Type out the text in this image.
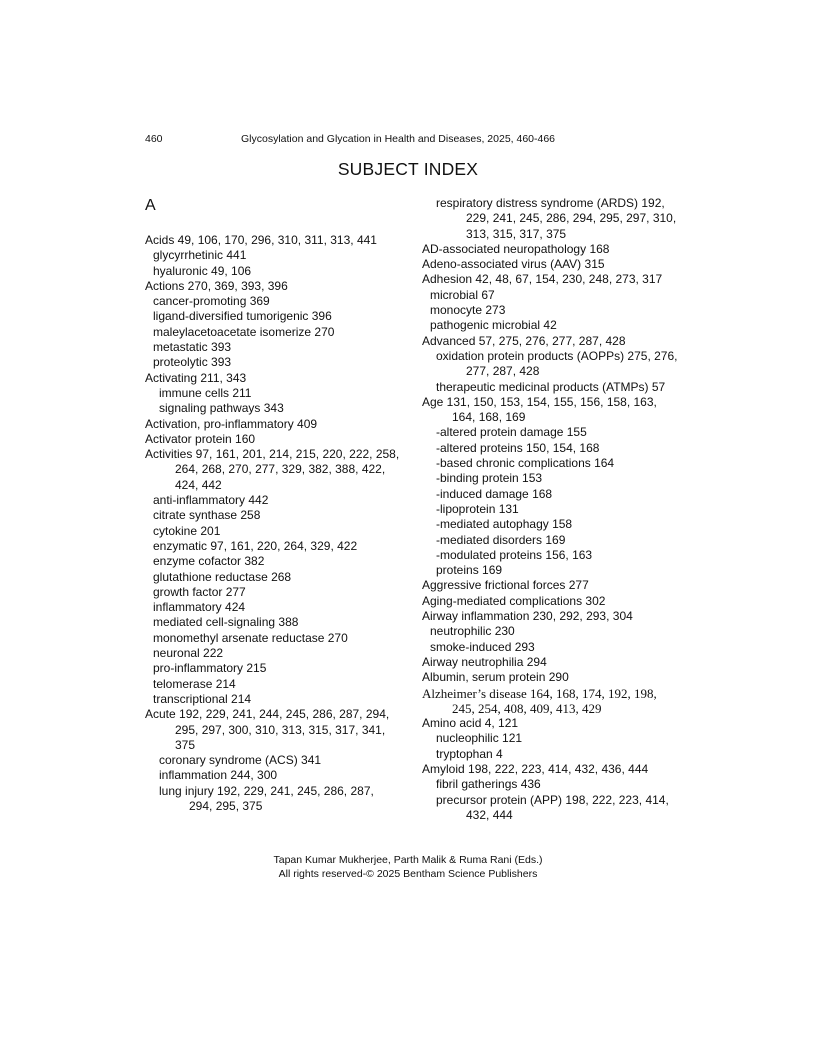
460	Glycosylation and Glycation in Health and Diseases, 2025, 460-466
SUBJECT INDEX
A
Acids 49, 106, 170, 296, 310, 311, 313, 441
glycyrrhetinic 441
hyaluronic 49, 106
Actions 270, 369, 393, 396
cancer-promoting 369
ligand-diversified tumorigenic 396
maleylacetoacetate isomerize 270
metastatic 393
proteolytic 393
Activating 211, 343
immune cells 211
signaling pathways 343
Activation, pro-inflammatory 409
Activator protein 160
Activities 97, 161, 201, 214, 215, 220, 222, 258, 264, 268, 270, 277, 329, 382, 388, 422, 424, 442
anti-inflammatory 442
citrate synthase 258
cytokine 201
enzymatic 97, 161, 220, 264, 329, 422
enzyme cofactor 382
glutathione reductase 268
growth factor 277
inflammatory 424
mediated cell-signaling 388
monomethyl arsenate reductase 270
neuronal 222
pro-inflammatory 215
telomerase 214
transcriptional 214
Acute 192, 229, 241, 244, 245, 286, 287, 294, 295, 297, 300, 310, 313, 315, 317, 341, 375
coronary syndrome (ACS) 341
inflammation 244, 300
lung injury 192, 229, 241, 245, 286, 287, 294, 295, 375
respiratory distress syndrome (ARDS) 192, 229, 241, 245, 286, 294, 295, 297, 310, 313, 315, 317, 375
AD-associated neuropathology 168
Adeno-associated virus (AAV) 315
Adhesion 42, 48, 67, 154, 230, 248, 273, 317
microbial 67
monocyte 273
pathogenic microbial 42
Advanced 57, 275, 276, 277, 287, 428
oxidation protein products (AOPPs) 275, 276, 277, 287, 428
therapeutic medicinal products (ATMPs) 57
Age 131, 150, 153, 154, 155, 156, 158, 163, 164, 168, 169
-altered protein damage 155
-altered proteins 150, 154, 168
-based chronic complications 164
-binding protein 153
-induced damage 168
-lipoprotein 131
-mediated autophagy 158
-mediated disorders 169
-modulated proteins 156, 163
proteins 169
Aggressive frictional forces 277
Aging-mediated complications 302
Airway inflammation 230, 292, 293, 304
neutrophilic 230
smoke-induced 293
Airway neutrophilia 294
Albumin, serum protein 290
Alzheimer’s disease 164, 168, 174, 192, 198, 245, 254, 408, 409, 413, 429
Amino acid 4, 121
nucleophilic 121
tryptophan 4
Amyloid 198, 222, 223, 414, 432, 436, 444
fibril gatherings 436
precursor protein (APP) 198, 222, 223, 414, 432, 444
Tapan Kumar Mukherjee, Parth Malik & Ruma Rani (Eds.)
All rights reserved-© 2025 Bentham Science Publishers
